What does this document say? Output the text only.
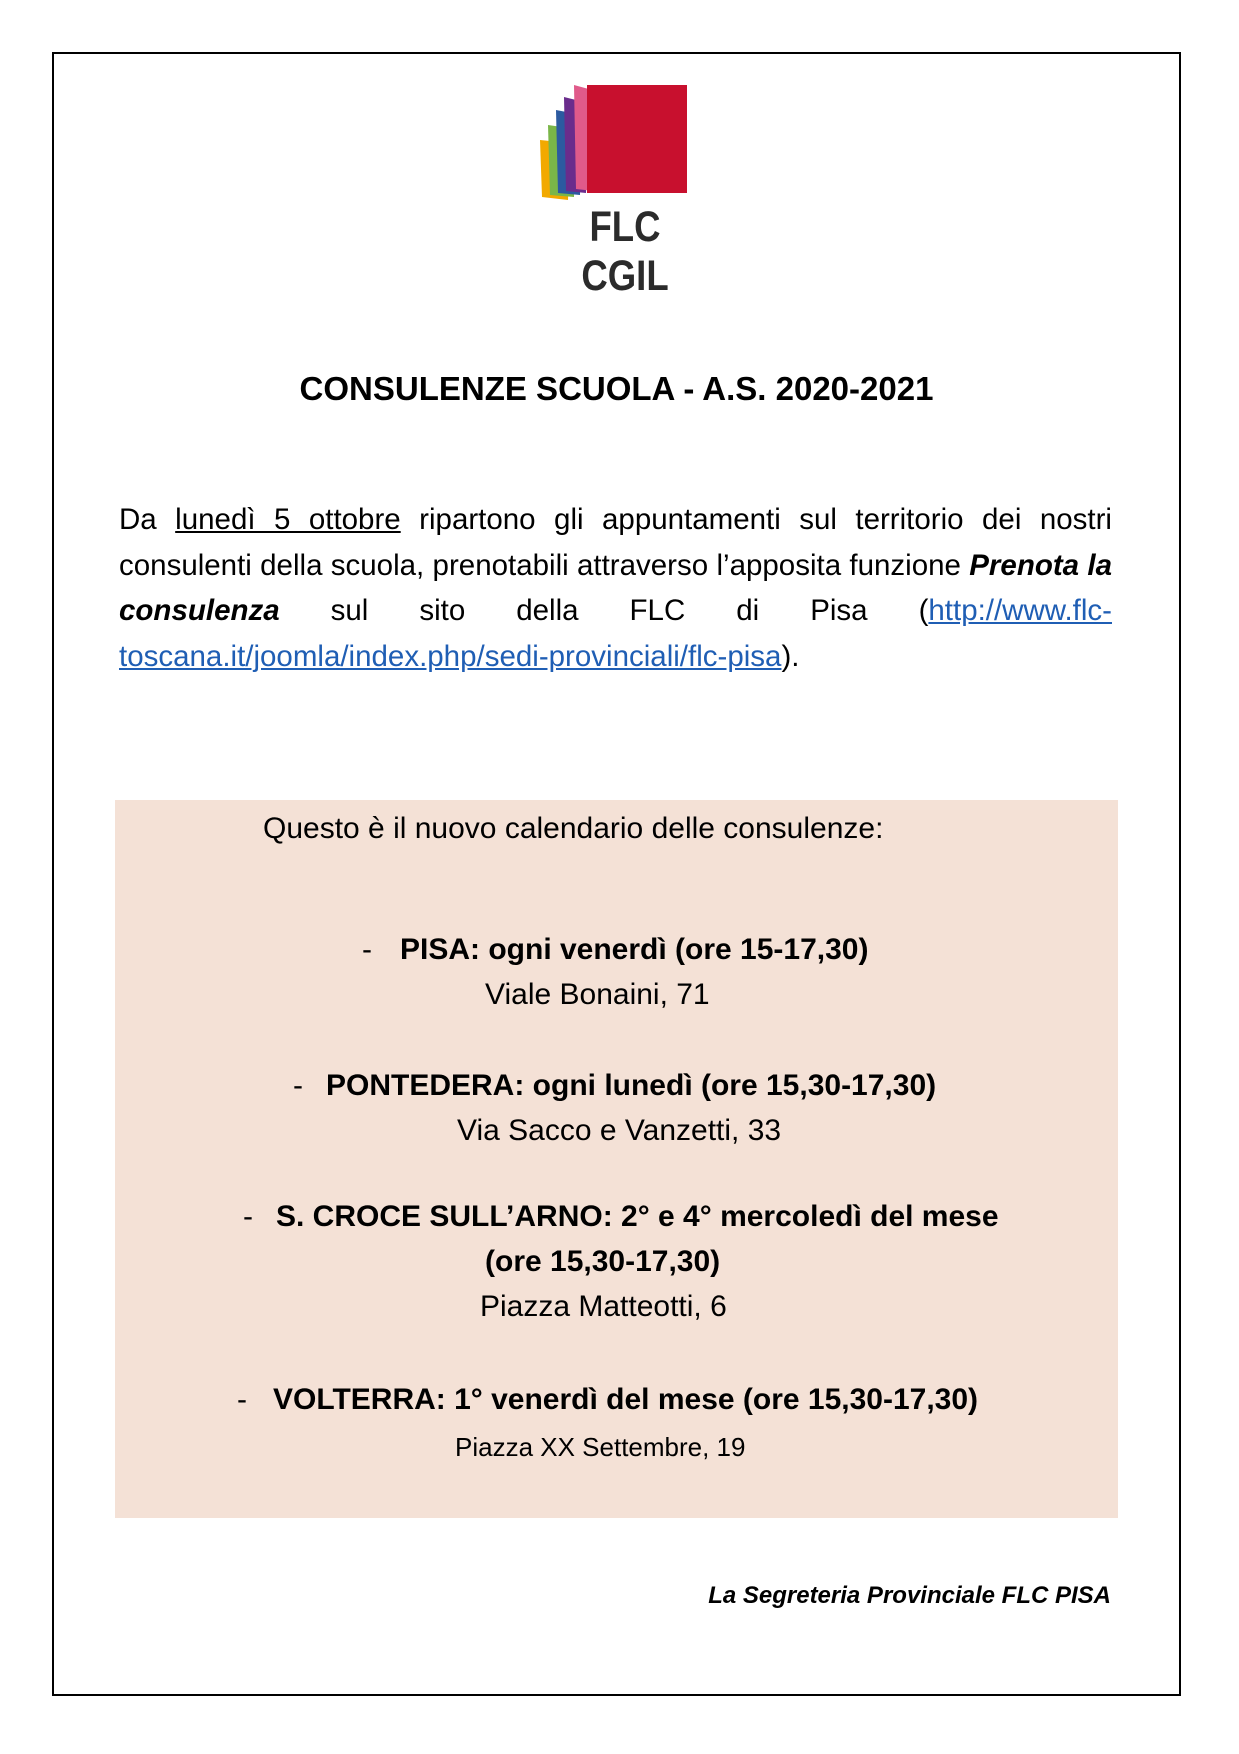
FLC CGIL
CONSULENZE SCUOLA - A.S. 2020-2021
Da lunedì 5 ottobre ripartono gli appuntamenti sul territorio dei nostri consulenti della scuola, prenotabili attraverso l’apposita funzione Prenota la consulenza sul sito della FLC di Pisa (http://www.flc-toscana.it/joomla/index.php/sedi-provinciali/flc-pisa).
Questo è il nuovo calendario delle consulenze:
- PISA: ogni venerdì (ore 15-17,30)
Viale Bonaini, 71
- PONTEDERA: ogni lunedì (ore 15,30-17,30)
Via Sacco e Vanzetti, 33
- S. CROCE SULL’ARNO: 2° e 4° mercoledì del mese
(ore 15,30-17,30)
Piazza Matteotti, 6
- VOLTERRA: 1° venerdì del mese (ore 15,30-17,30)
Piazza XX Settembre, 19
La Segreteria Provinciale FLC PISA
